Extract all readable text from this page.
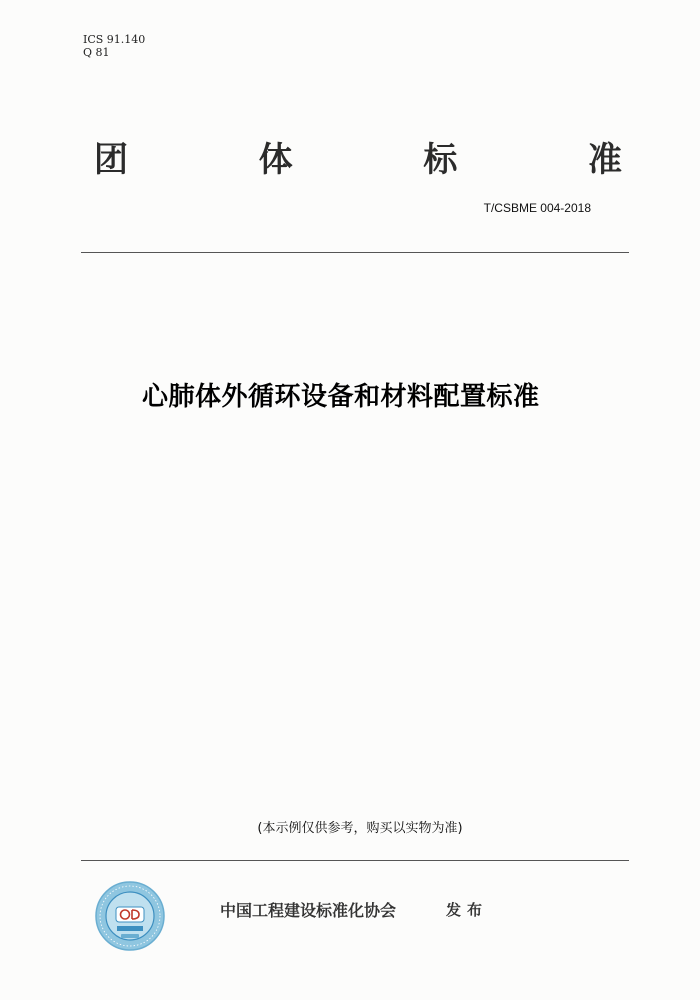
ICS 91.140
Q 81
团	体	标	准
T/CSBME 004-2018
心肺体外循环设备和材料配置标准
(本示例仅供参考，购买以实物为准)
中国工程建设标准化协会	发布
